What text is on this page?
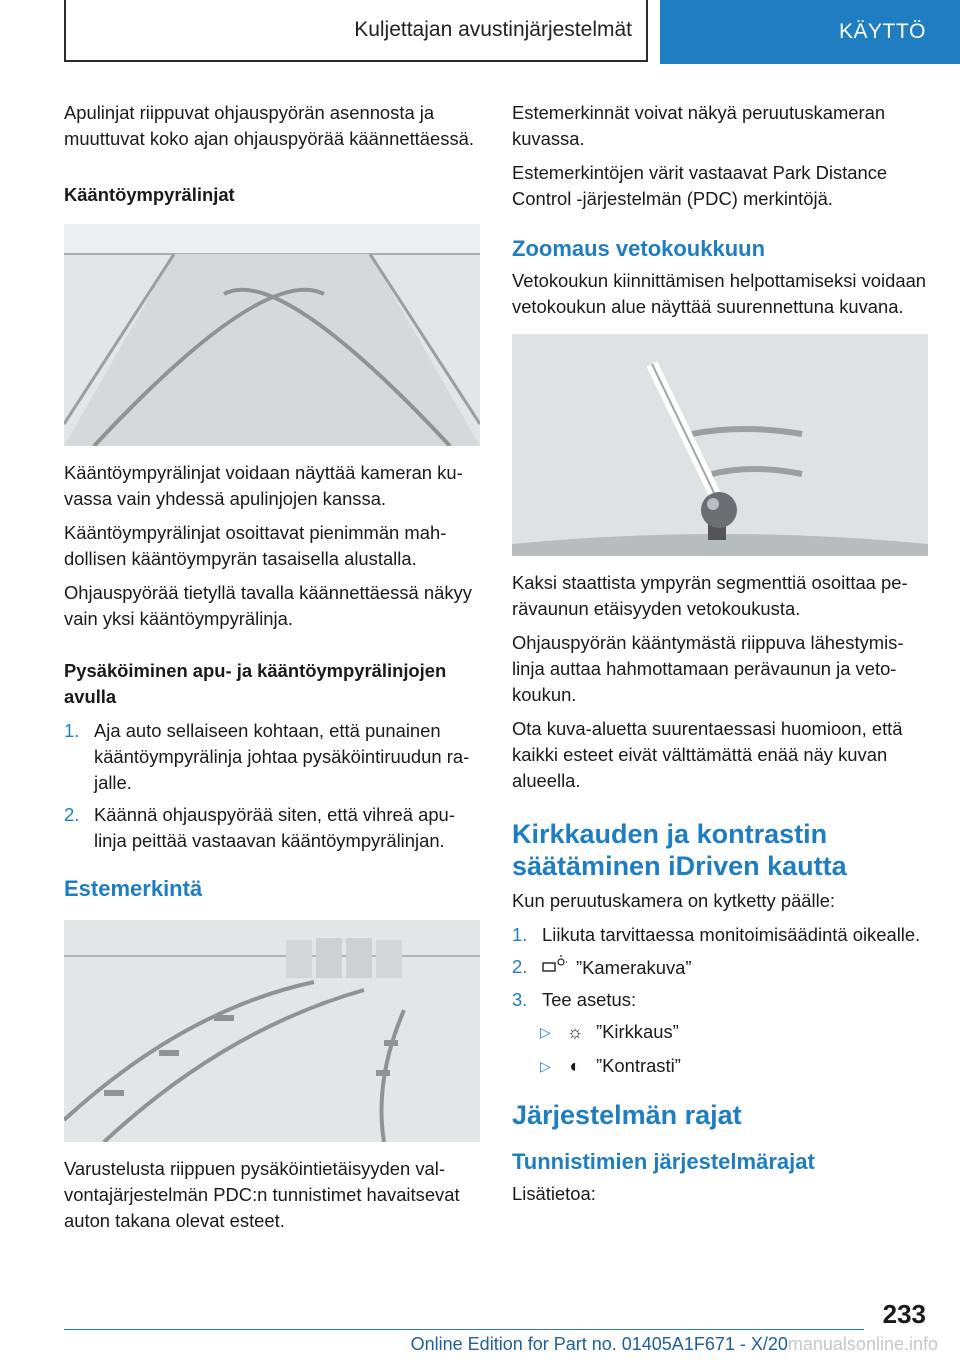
Kuljettajan avustinjärjestelmät	KÄYTTÖ

Apulinjat riippuvat ohjauspyörän asennosta ja muuttuvat koko ajan ohjauspyörää käännettäessä.

Kääntöympyrälinjat

Kääntöympyrälinjat voidaan näyttää kameran kuvassa vain yhdessä apulinjojen kanssa.

Kääntöympyrälinjat osoittavat pienimmän mahdollisen kääntöympyrän tasaisella alustalla.

Ohjauspyörää tietyllä tavalla käännettäessä näkyy vain yksi kääntöympyrälinja.

Pysäköiminen apu- ja kääntöympyrälinjojen avulla
1. Aja auto sellaiseen kohtaan, että punainen kääntöympyrälinja johtaa pysäköintiruudun rajalle.
2. Käännä ohjauspyörää siten, että vihreä apulinja peittää vastaavan kääntöympyrälinjan.
Estemerkintä

Varustelusta riippuen pysäköintietäisyyden valvontajärjestelmän PDC:n tunnistimet havaitsevat auton takana olevat esteet.

Estemerkinnät voivat näkyä peruutuskameran kuvassa.

Estemerkintöjen värit vastaavat Park Distance Control -järjestelmän (PDC) merkintöjä.

Zoomaus vetokoukkuun

Vetokoukun kiinnittämisen helpottamiseksi voidaan vetokoukun alue näyttää suurennettuna kuvana.

Kaksi staattista ympyrän segmenttiä osoittaa perävaunun etäisyyden vetokoukusta.

Ohjauspyörän kääntymästä riippuva lähestymislinja auttaa hahmottamaan perävaunun ja vetokoukun.

Ota kuva-aluetta suurentaessasi huomioon, että kaikki esteet eivät välttämättä enää näy kuvan alueella.

Kirkkauden ja kontrastin säätäminen iDriven kautta

Kun peruutuskamera on kytketty päälle:

1. Liikuta tarvittaessa monitoimisäädintä oikealle.
2.	”Kamerakuva”
3. Tee asetus:
▷ ☼ ”Kirkkaus”
▷	◐ ”Kontrasti”
Järjestelmän rajat
Tunnistimien järjestelmärajat

Lisätietoa:

233
Online Edition for Part no. 01405A1F671 - X/20manualsonline.info
